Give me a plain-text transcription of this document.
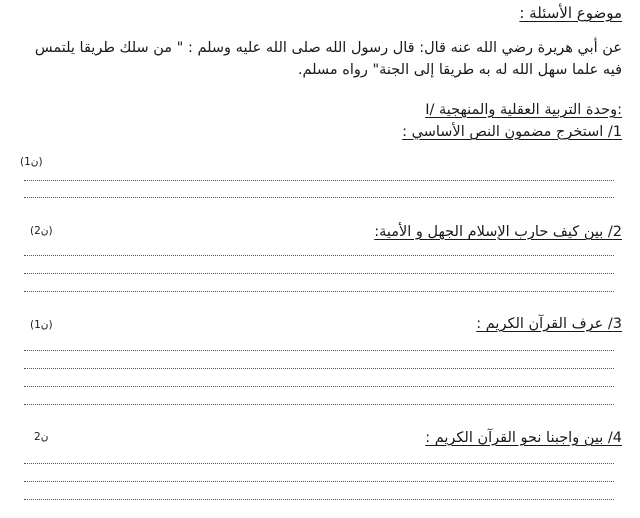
موضوع الأسئلة :
عن أبي هريرة رضي الله عنه قال: قال رسول الله صلى الله عليه وسلم : " من سلك طريقا يلتمس
فيه علما سهل الله له به طريقا إلى الجنة" رواه مسلم.
I/ وحدة التربية العقلية والمنهجية:
1/ استخرج مضمون النص الأساسي :
(1ن)
2/ بين كيف حارب الإسلام الجهل و الأمية:
(2ن)
3/ عرف القرآن الكريم :
(1ن)
4/ بين واجبنا نحو القرآن الكريم :
2ن
